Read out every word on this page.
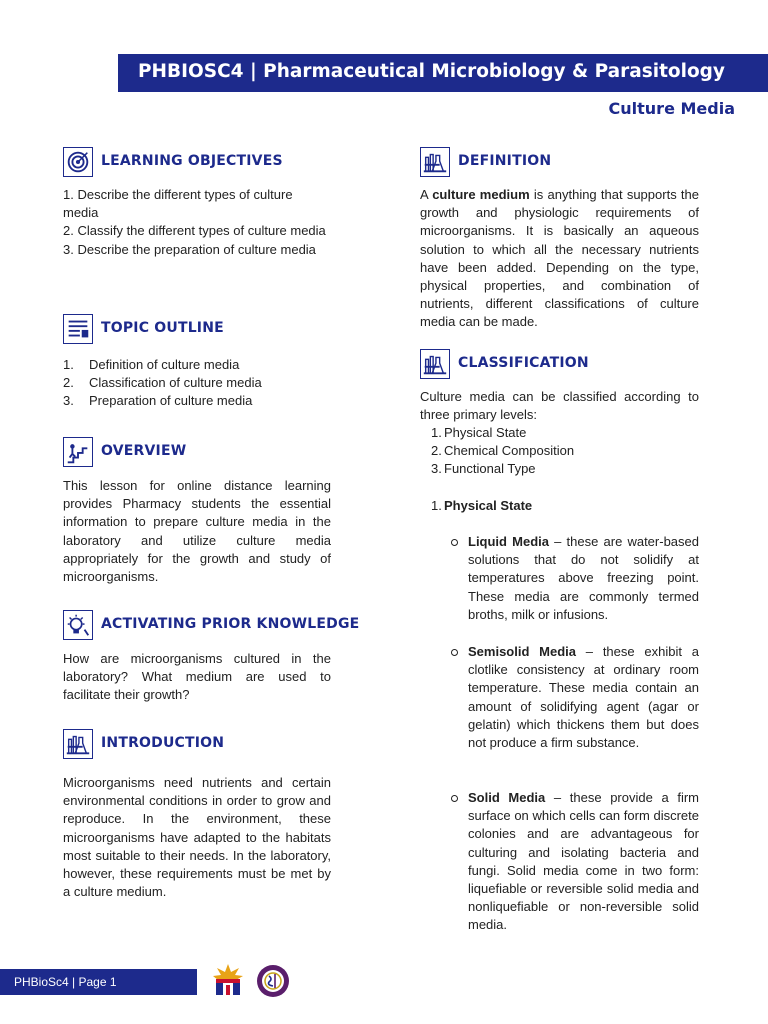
PHBIOSC4 | Pharmaceutical Microbiology & Parasitology
Culture Media
LEARNING OBJECTIVES

1. Describe the different types of culture media

2. Classify the different types of culture media

3. Describe the preparation of culture media

TOPIC OUTLINE
1.	Definition of culture media
2.	Classification of culture media
3.	Preparation of culture media
OVERVIEW
This lesson for online distance learning provides Pharmacy students the essential information to prepare culture media in the laboratory and utilize culture media appropriately for the growth and study of microorganisms.
ACTIVATING PRIOR KNOWLEDGE
How are microorganisms cultured in the laboratory? What medium are used to facilitate their growth?
INTRODUCTION
Microorganisms need nutrients and certain environmental conditions in order to grow and reproduce. In the environment, these microorganisms have adapted to the habitats most suitable to their needs. In the laboratory, however, these requirements must be met by a culture medium.
DEFINITION
A culture medium is anything that supports the growth and physiologic requirements of microorganisms. It is basically an aqueous solution to which all the necessary nutrients have been added. Depending on the type, physical properties, and combination of nutrients, different classifications of culture media can be made.
CLASSIFICATION
Culture media can be classified according to three primary levels:
1. Physical State
2. Chemical Composition
3. Functional Type
1. Physical State
Liquid Media – these are water-based solutions that do not solidify at temperatures above freezing point. These media are commonly termed broths, milk or infusions.
Semisolid Media – these exhibit a clotlike consistency at ordinary room temperature. These media contain an amount of solidifying agent (agar or gelatin) which thickens them but does not produce a firm substance.
Solid Media – these provide a firm surface on which cells can form discrete colonies and are advantageous for culturing and isolating bacteria and fungi. Solid media come in two form: liquefiable or reversible solid media and nonliquefiable or non-reversible solid media.
PHBioSc4 | Page 1
